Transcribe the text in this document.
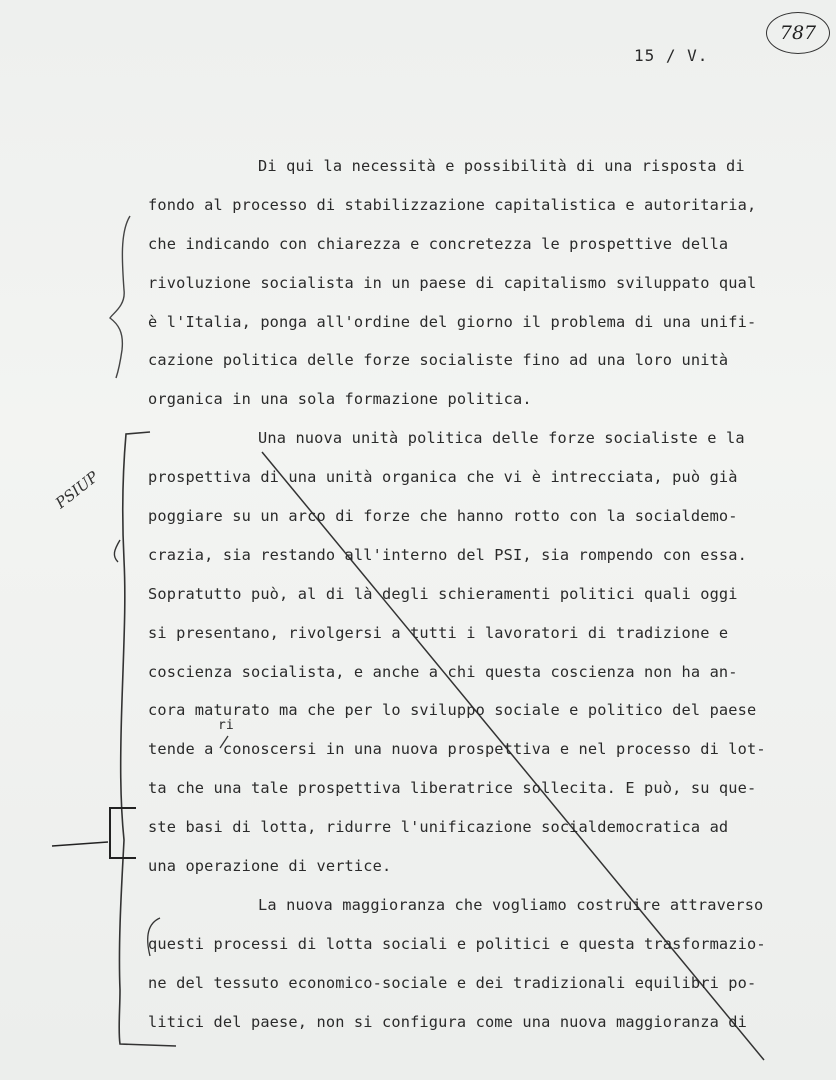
787
15 / V.
PSIUP
ri
Di qui la necessità e possibilità di una risposta di
fondo al processo di stabilizzazione capitalistica e autoritaria,
che indicando con chiarezza e concretezza le prospettive della
rivoluzione socialista in un paese di capitalismo sviluppato qual
è l'Italia, ponga all'ordine del giorno il problema di una unifi-
cazione politica delle forze socialiste fino ad una loro unità
organica in una sola formazione politica.
Una nuova unità politica delle forze socialiste e la
prospettiva di una unità organica che vi è intrecciata, può già
poggiare su un arco di forze che hanno rotto con la socialdemo-
crazia, sia restando all'interno del PSI, sia rompendo con essa.
Sopratutto può, al di là degli schieramenti politici quali oggi
si presentano, rivolgersi a tutti i lavoratori di tradizione e
coscienza socialista, e anche a chi questa coscienza non ha an-
cora maturato ma che per lo sviluppo sociale e politico del paese
tende a conoscersi in una nuova prospettiva e nel processo di lot-
ta che una tale prospettiva liberatrice sollecita. E può, su que-
ste basi di lotta, ridurre l'unificazione socialdemocratica ad
una operazione di vertice.
La nuova maggioranza che vogliamo costruire attraverso
questi processi di lotta sociali e politici e questa trasformazio-
ne del tessuto economico-sociale e dei tradizionali equilibri po-
litici del paese, non si configura come una nuova maggioranza di
